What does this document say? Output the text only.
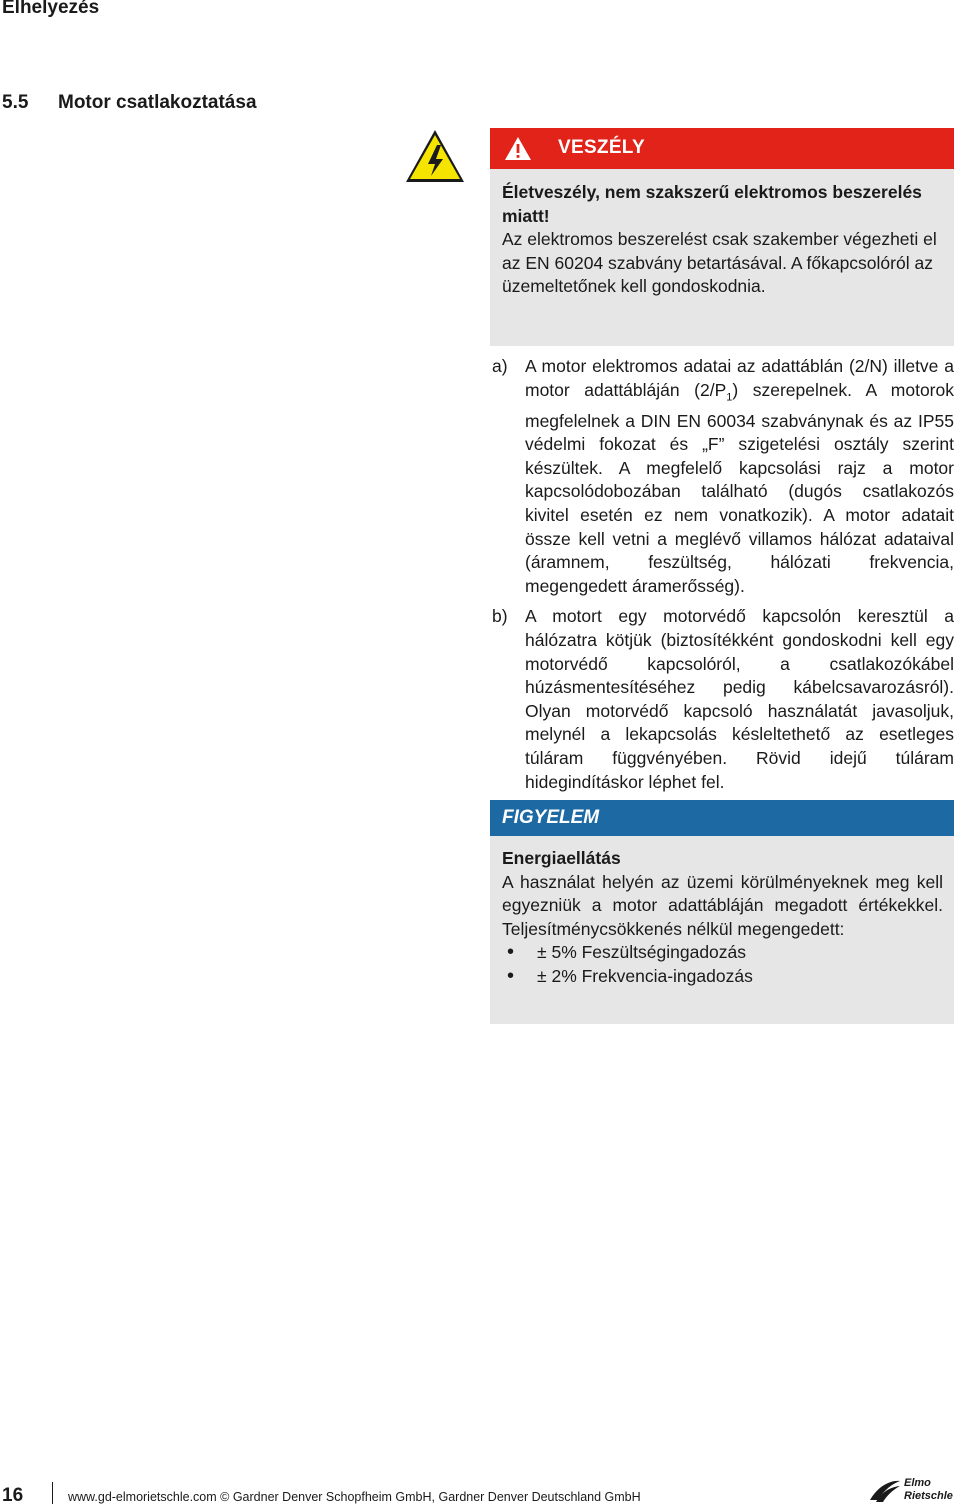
Elhelyezés
5.5 Motor csatlakoztatása
VESZÉLY
Életveszély, nem szakszerű elektromos beszerelés miatt!
Az elektromos beszerelést csak szakember végezheti el az EN 60204 szabvány betartásával. A főkapcsolóról az üzemeltetőnek kell gondoskodnia.
a) A motor elektromos adatai az adattáblán (2/N) illetve a motor adattábláján $(2/P_1)$ szerepelnek. A motorok megfelelnek a DIN EN 60034 szabványnak és az IP55 védelmi fokozat és „F” szigetelési osztály szerint készültek. A megfelelő kapcsolási rajz a motor kapcsolódobozában található (dugós csatlakozós kivitel esetén ez nem vonatkozik). A motor adatait össze kell vetni a meglévő villamos hálózat adataival (áramnem, feszültség, hálózati frekvencia, megengedett áramerősség).
b) A motort egy motorvédő kapcsolón keresztül a hálózatra kötjük (biztosítékként gondoskodni kell egy motorvédő kapcsolóról, a csatlakozókábel húzásmentesítéséhez pedig kábelcsavarozásról). Olyan motorvédő kapcsoló használatát javasoljuk, melynél a lekapcsolás késleltethető az esetleges túláram függvényében. Rövid idejű túláram hidegindításkor léphet fel.
FIGYELEM
Energiaellátás
A használat helyén az üzemi körülményeknek meg kell egyezniük a motor adattábláján megadott értékekkel. Teljesítménycsökkenés nélkül megengedett:
• ± 5% Feszültségingadozás
• ± 2% Frekvencia-ingadozás
16	www.gd-elmorietschle.com © Gardner Denver Schopfheim GmbH, Gardner Denver Deutschland GmbH
Elmo
Rietschle
